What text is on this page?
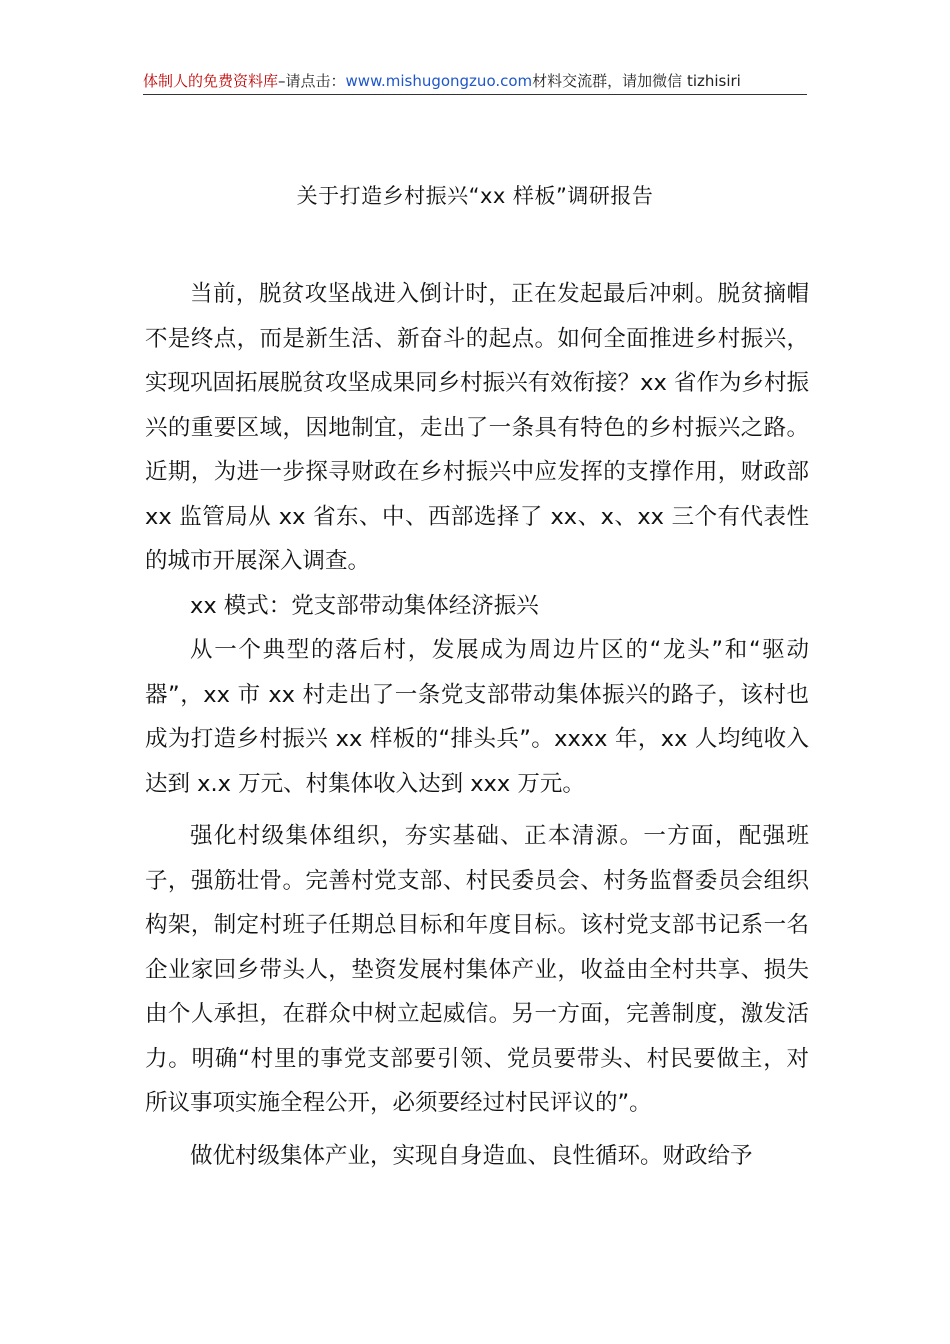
体制人的免费资料库–请点击：www.mishugongzuo.com材料交流群，请加微信 tizhisiri
关于打造乡村振兴“xx 样板”调研报告

当前，脱贫攻坚战进入倒计时，正在发起最后冲刺。脱贫摘帽不是终点，而是新生活、新奋斗的起点。如何全面推进乡村振兴，实现巩固拓展脱贫攻坚成果同乡村振兴有效衔接？xx 省作为乡村振兴的重要区域，因地制宜，走出了一条具有特色的乡村振兴之路。近期，为进一步探寻财政在乡村振兴中应发挥的支撑作用，财政部 xx 监管局从 xx 省东、中、西部选择了 xx、x、xx 三个有代表性的城市开展深入调查。

xx 模式：党支部带动集体经济振兴

从一个典型的落后村，发展成为周边片区的“龙头”和“驱动器”，xx 市 xx 村走出了一条党支部带动集体振兴的路子，该村也成为打造乡村振兴 xx 样板的“排头兵”。xxxx 年，xx 人均纯收入达到 x.x 万元、村集体收入达到 xxx 万元。

强化村级集体组织，夯实基础、正本清源。一方面，配强班子，强筋壮骨。完善村党支部、村民委员会、村务监督委员会组织构架，制定村班子任期总目标和年度目标。该村党支部书记系一名企业家回乡带头人，垫资发展村集体产业，收益由全村共享、损失由个人承担，在群众中树立起威信。另一方面，完善制度，激发活力。明确“村里的事党支部要引领、党员要带头、村民要做主，对所议事项实施全程公开，必须要经过村民评议的”。

做优村级集体产业，实现自身造血、良性循环。财政给予
